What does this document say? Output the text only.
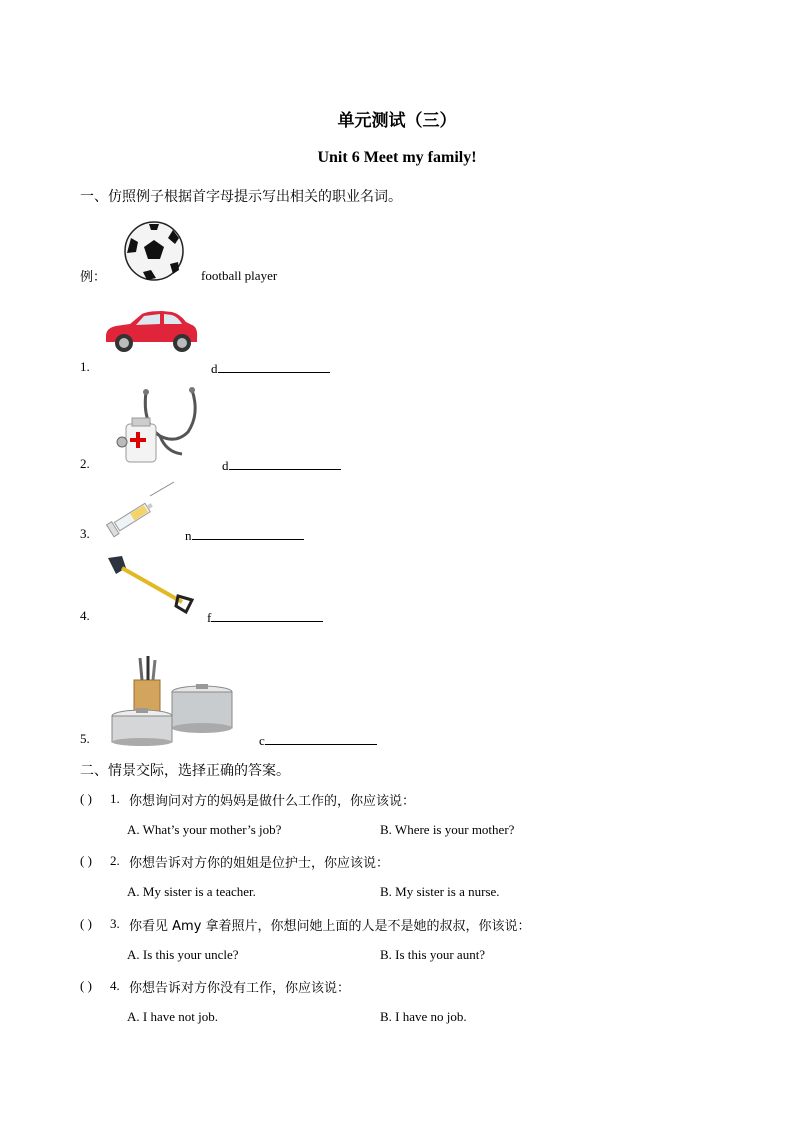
单元测试（三）
Unit 6 Meet my family!
一、仿照例子根据首字母提示写出相关的职业名词。
例：	football player
1.	d
2.	d
3.	n
4.	f
5.	c
二、情景交际，选择正确的答案。
( ) 1. 你想询问对方的妈妈是做什么工作的，你应该说：
A. What’s your mother’s job?	B. Where is your mother?
( ) 2. 你想告诉对方你的姐姐是位护士，你应该说：
A. My sister is a teacher.	B. My sister is a nurse.
( ) 3. 你看见 Amy 拿着照片，你想问她上面的人是不是她的叔叔，你该说：
A. Is this your uncle?	B. Is this your aunt?
( ) 4. 你想告诉对方你没有工作，你应该说：
A. I have not job.	B. I have no job.
